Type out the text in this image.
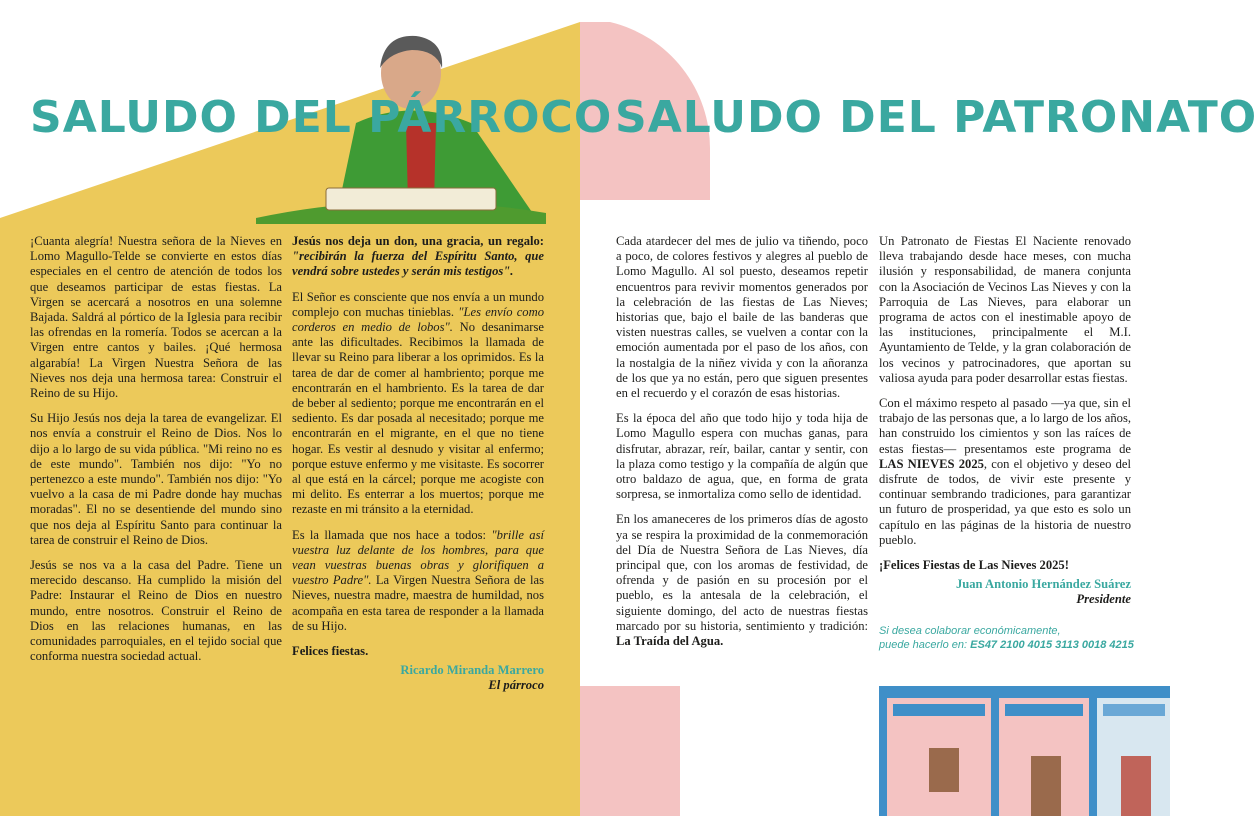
SALUDO DEL PÁRROCO SALUDO DEL PATRONATO

¡Cuanta alegría! Nuestra señora de la Nieves en Lomo Magullo-Telde se convierte en estos días especiales en el centro de atención de todos los que deseamos participar de estas fiestas. La Virgen se acercará a nosotros en una solemne Bajada. Saldrá al pórtico de la Iglesia para recibir las ofrendas en la romería. Todos se acercan a la Virgen entre cantos y bailes. ¡Qué hermosa algarabía! La Virgen Nuestra Señora de las Nieves nos deja una hermosa tarea: Construir el Reino de su Hijo.

Su Hijo Jesús nos deja la tarea de evangelizar. El nos envía a construir el Reino de Dios. Nos lo dijo a lo largo de su vida pública. "Mi reino no es de este mundo". También nos dijo: "Yo no pertenezco a este mundo". También nos dijo: "Yo vuelvo a la casa de mi Padre donde hay muchas moradas". El no se desentiende del mundo sino que nos deja al Espíritu Santo para continuar la tarea de construir el Reino de Dios.

Jesús se nos va a la casa del Padre. Tiene un merecido descanso. Ha cumplido la misión del Padre: Instaurar el Reino de Dios en nuestro mundo, entre nosotros. Construir el Reino de Dios en las relaciones humanas, en las comunidades parroquiales, en el tejido social que conforma nuestra sociedad actual.

Jesús nos deja un don, una gracia, un regalo: "recibirán la fuerza del Espíritu Santo, que vendrá sobre ustedes y serán mis testigos".

El Señor es consciente que nos envía a un mundo complejo con muchas tinieblas. "Les envío como corderos en medio de lobos". No desanimarse ante las dificultades. Recibimos la llamada de llevar su Reino para liberar a los oprimidos. Es la tarea de dar de comer al hambriento; porque me encontrarán en el hambriento. Es la tarea de dar de beber al sediento; porque me encontrarán en el sediento. Es dar posada al necesitado; porque me encontrarán en el migrante, en el que no tiene hogar. Es vestir al desnudo y visitar al enfermo; porque estuve enfermo y me visitaste. Es socorrer al que está en la cárcel; porque me acogiste con mi delito. Es enterrar a los muertos; porque me rezaste en mi tránsito a la eternidad.

Es la llamada que nos hace a todos: "brille así vuestra luz delante de los hombres, para que vean vuestras buenas obras y glorifiquen a vuestro Padre". La Virgen Nuestra Señora de las Nieves, nuestra madre, maestra de humildad, nos acompaña en esta tarea de responder a la llamada de su Hijo.

Felices fiestas.

Ricardo Miranda Marrero
El párroco

Cada atardecer del mes de julio va tiñendo, poco a poco, de colores festivos y alegres al pueblo de Lomo Magullo. Al sol puesto, deseamos repetir encuentros para revivir momentos generados por la celebración de las fiestas de Las Nieves; historias que, bajo el baile de las banderas que visten nuestras calles, se vuelven a contar con la emoción aumentada por el paso de los años, con la nostalgia de la niñez vivida y con la añoranza de los que ya no están, pero que siguen presentes en el recuerdo y el corazón de esas historias.

Es la época del año que todo hijo y toda hija de Lomo Magullo espera con muchas ganas, para disfrutar, abrazar, reír, bailar, cantar y sentir, con la plaza como testigo y la compañía de algún que otro baldazo de agua, que, en forma de grata sorpresa, se inmortaliza como sello de identidad.

En los amaneceres de los primeros días de agosto ya se respira la proximidad de la conmemoración del Día de Nuestra Señora de Las Nieves, día principal que, con los aromas de festividad, de ofrenda y de pasión en su procesión por el pueblo, es la antesala de la celebración, el siguiente domingo, del acto de nuestras fiestas marcado por su historia, sentimiento y tradición: La Traída del Agua.

Un Patronato de Fiestas El Naciente renovado lleva trabajando desde hace meses, con mucha ilusión y responsabilidad, de manera conjunta con la Asociación de Vecinos Las Nieves y con la Parroquia de Las Nieves, para elaborar un programa de actos con el inestimable apoyo de las instituciones, principalmente el M.I. Ayuntamiento de Telde, y la gran colaboración de los vecinos y patrocinadores, que aportan su valiosa ayuda para poder desarrollar estas fiestas.

Con el máximo respeto al pasado —ya que, sin el trabajo de las personas que, a lo largo de los años, han construido los cimientos y son las raíces de estas fiestas— presentamos este programa de LAS NIEVES 2025, con el objetivo y deseo del disfrute de todos, de vivir este presente y continuar sembrando tradiciones, para garantizar un futuro de prosperidad, ya que esto es solo un capítulo en las páginas de la historia de nuestro pueblo.

¡Felices Fiestas de Las Nieves 2025!

Juan Antonio Hernández Suárez
Presidente
Si desea colaborar económicamente,
puede hacerlo en: ES47 2100 4015 3113 0018 4215
